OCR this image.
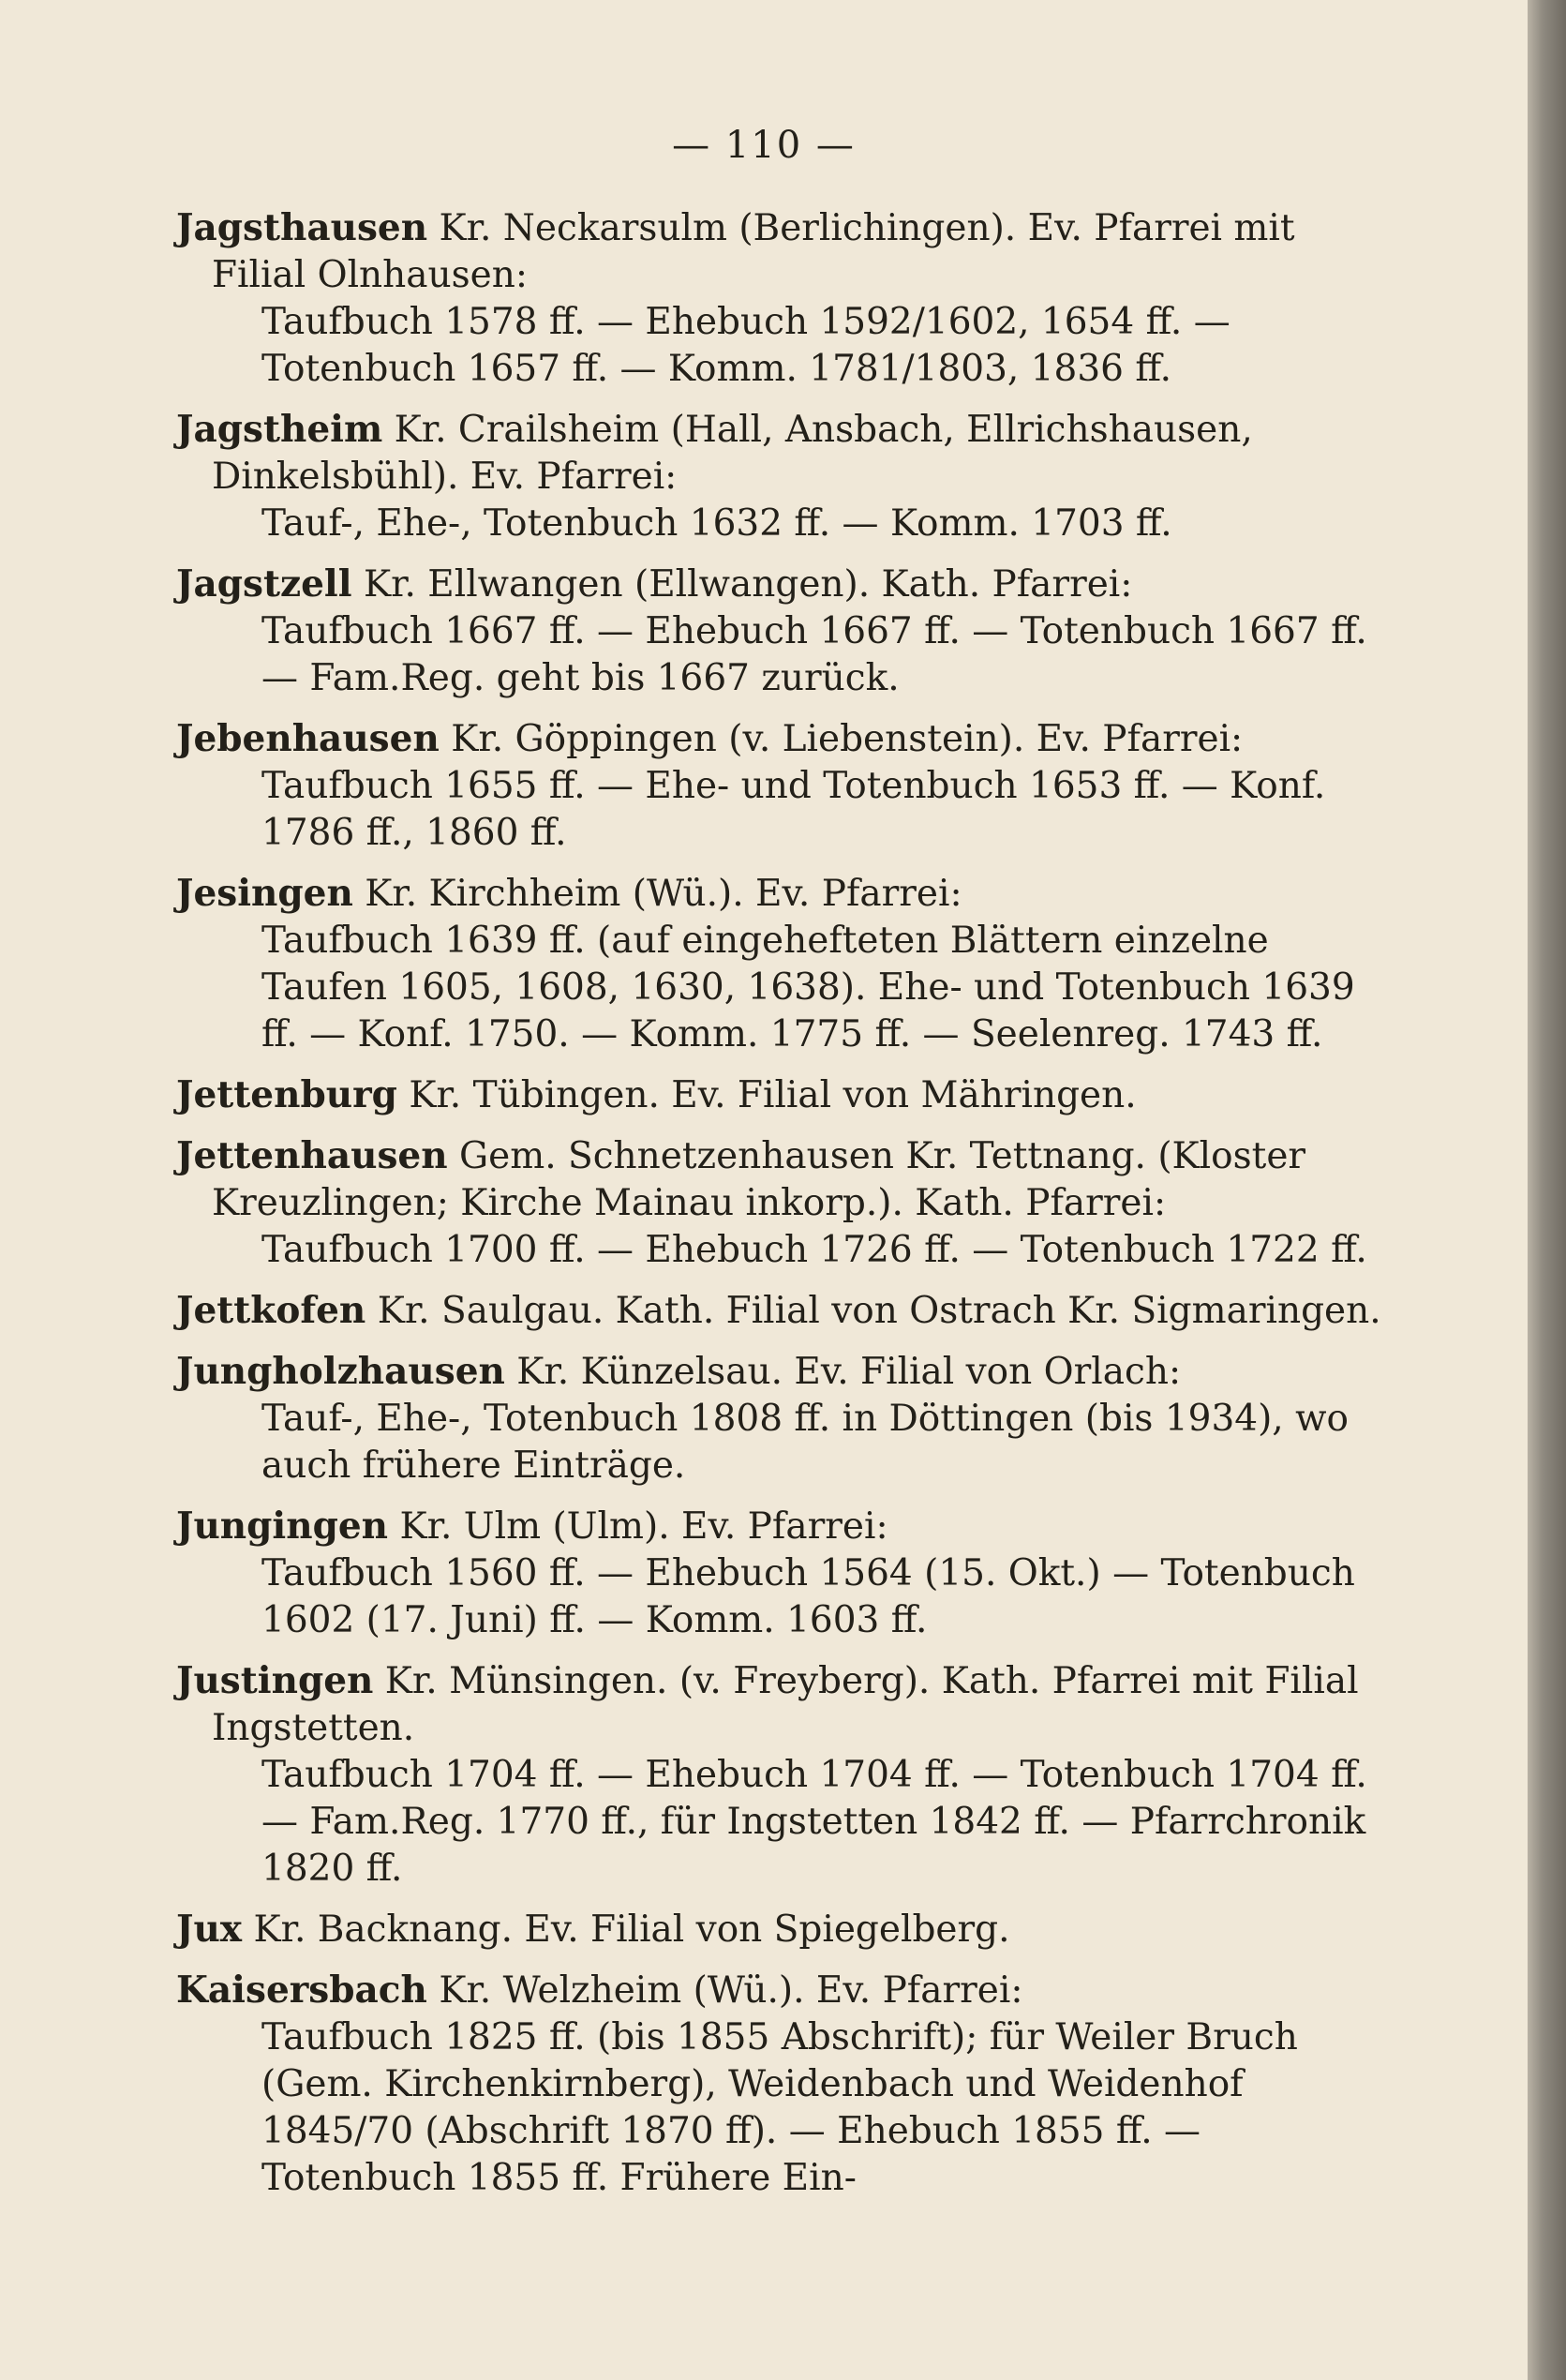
— 110 —
Jagsthausen Kr. Neckarsulm (Berlichingen). Ev. Pfarrei mit Filial Olnhausen:
Taufbuch 1578 ff. — Ehebuch 1592/1602, 1654 ff. — Totenbuch 1657 ff. — Komm. 1781/1803, 1836 ff.
Jagstheim Kr. Crailsheim (Hall, Ansbach, Ellrichshausen, Dinkelsbühl). Ev. Pfarrei:
Tauf-, Ehe-, Totenbuch 1632 ff. — Komm. 1703 ff.
Jagstzell Kr. Ellwangen (Ellwangen). Kath. Pfarrei:
Taufbuch 1667 ff. — Ehebuch 1667 ff. — Totenbuch 1667 ff. — Fam.Reg. geht bis 1667 zurück.
Jebenhausen Kr. Göppingen (v. Liebenstein). Ev. Pfarrei:
Taufbuch 1655 ff. — Ehe- und Totenbuch 1653 ff. — Konf. 1786 ff., 1860 ff.
Jesingen Kr. Kirchheim (Wü.). Ev. Pfarrei:
Taufbuch 1639 ff. (auf eingehefteten Blättern einzelne Taufen 1605, 1608, 1630, 1638). Ehe- und Totenbuch 1639 ff. — Konf. 1750. — Komm. 1775 ff. — Seelenreg. 1743 ff.
Jettenburg Kr. Tübingen. Ev. Filial von Mähringen.
Jettenhausen Gem. Schnetzenhausen Kr. Tettnang. (Kloster Kreuzlingen; Kirche Mainau inkorp.). Kath. Pfarrei:
Taufbuch 1700 ff. — Ehebuch 1726 ff. — Totenbuch 1722 ff.
Jettkofen Kr. Saulgau. Kath. Filial von Ostrach Kr. Sigmaringen.
Jungholzhausen Kr. Künzelsau. Ev. Filial von Orlach:
Tauf-, Ehe-, Totenbuch 1808 ff. in Döttingen (bis 1934), wo auch frühere Einträge.
Jungingen Kr. Ulm (Ulm). Ev. Pfarrei:
Taufbuch 1560 ff. — Ehebuch 1564 (15. Okt.) — Totenbuch 1602 (17. Juni) ff. — Komm. 1603 ff.
Justingen Kr. Münsingen. (v. Freyberg). Kath. Pfarrei mit Filial Ingstetten.
Taufbuch 1704 ff. — Ehebuch 1704 ff. — Totenbuch 1704 ff. — Fam.Reg. 1770 ff., für Ingstetten 1842 ff. — Pfarrchronik 1820 ff.
Jux Kr. Backnang. Ev. Filial von Spiegelberg.
Kaisersbach Kr. Welzheim (Wü.). Ev. Pfarrei:
Taufbuch 1825 ff. (bis 1855 Abschrift); für Weiler Bruch (Gem. Kirchenkirnberg), Weidenbach und Weidenhof 1845/70 (Abschrift 1870 ff). — Ehebuch 1855 ff. — Totenbuch 1855 ff. Frühere Ein-
